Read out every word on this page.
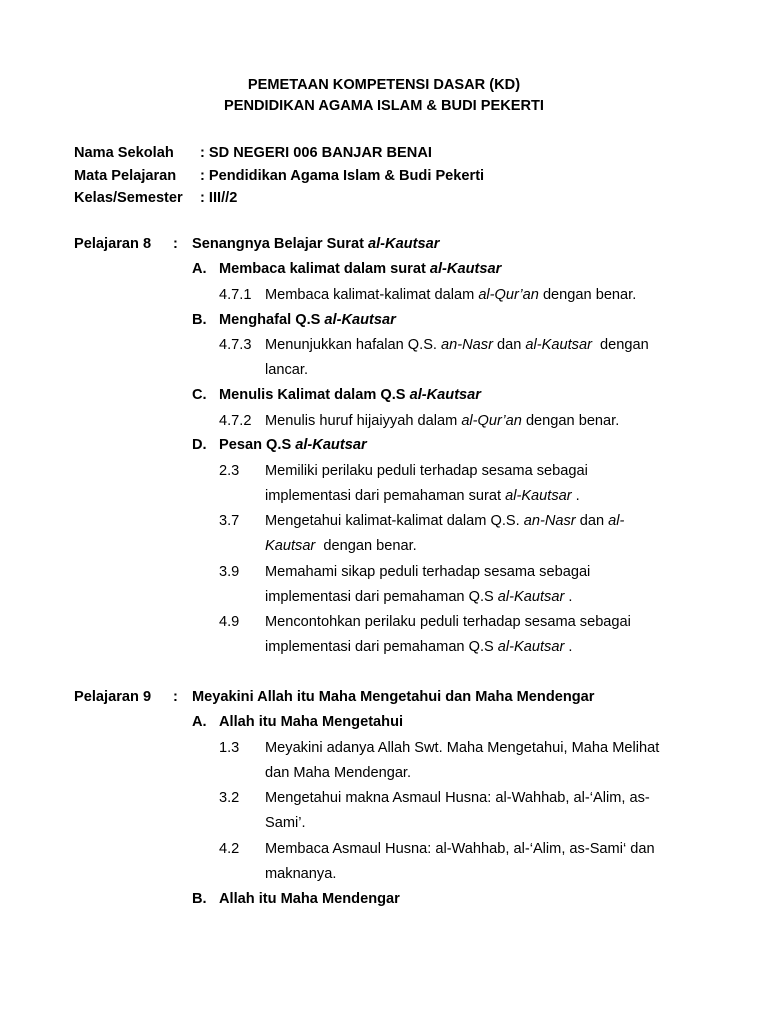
PEMETAAN KOMPETENSI DASAR (KD)
PENDIDIKAN AGAMA ISLAM & BUDI PEKERTI
Nama Sekolah : SD NEGERI 006 BANJAR BENAI
Mata Pelajaran : Pendidikan Agama Islam & Budi Pekerti
Kelas/Semester : III//2
Pelajaran 8 : Senangnya Belajar Surat al-Kautsar
A. Membaca kalimat dalam surat al-Kautsar
4.7.1 Membaca kalimat-kalimat dalam al-Qur’an dengan benar.
B. Menghafal Q.S al-Kautsar
4.7.3 Menunjukkan hafalan Q.S. an-Nasr dan al-Kautsar  dengan
lancar.
C. Menulis Kalimat dalam Q.S al-Kautsar
4.7.2 Menulis huruf hijaiyyah dalam al-Qur’an dengan benar.
D. Pesan Q.S al-Kautsar
2.3 Memiliki perilaku peduli terhadap sesama sebagai
implementasi dari pemahaman surat al-Kautsar .
3.7 Mengetahui kalimat-kalimat dalam Q.S. an-Nasr dan al-
Kautsar  dengan benar.
3.9 Memahami sikap peduli terhadap sesama sebagai
implementasi dari pemahaman Q.S al-Kautsar .
4.9 Mencontohkan perilaku peduli terhadap sesama sebagai
implementasi dari pemahaman Q.S al-Kautsar .
Pelajaran 9 : Meyakini Allah itu Maha Mengetahui dan Maha Mendengar
A. Allah itu Maha Mengetahui
1.3 Meyakini adanya Allah Swt. Maha Mengetahui, Maha Melihat
dan Maha Mendengar.
3.2 Mengetahui makna Asmaul Husna: al-Wahhab, al-‘Alim, as-
Sami’.
4.2 Membaca Asmaul Husna: al-Wahhab, al-‘Alim, as-Sami‘ dan
maknanya.
B. Allah itu Maha Mendengar
